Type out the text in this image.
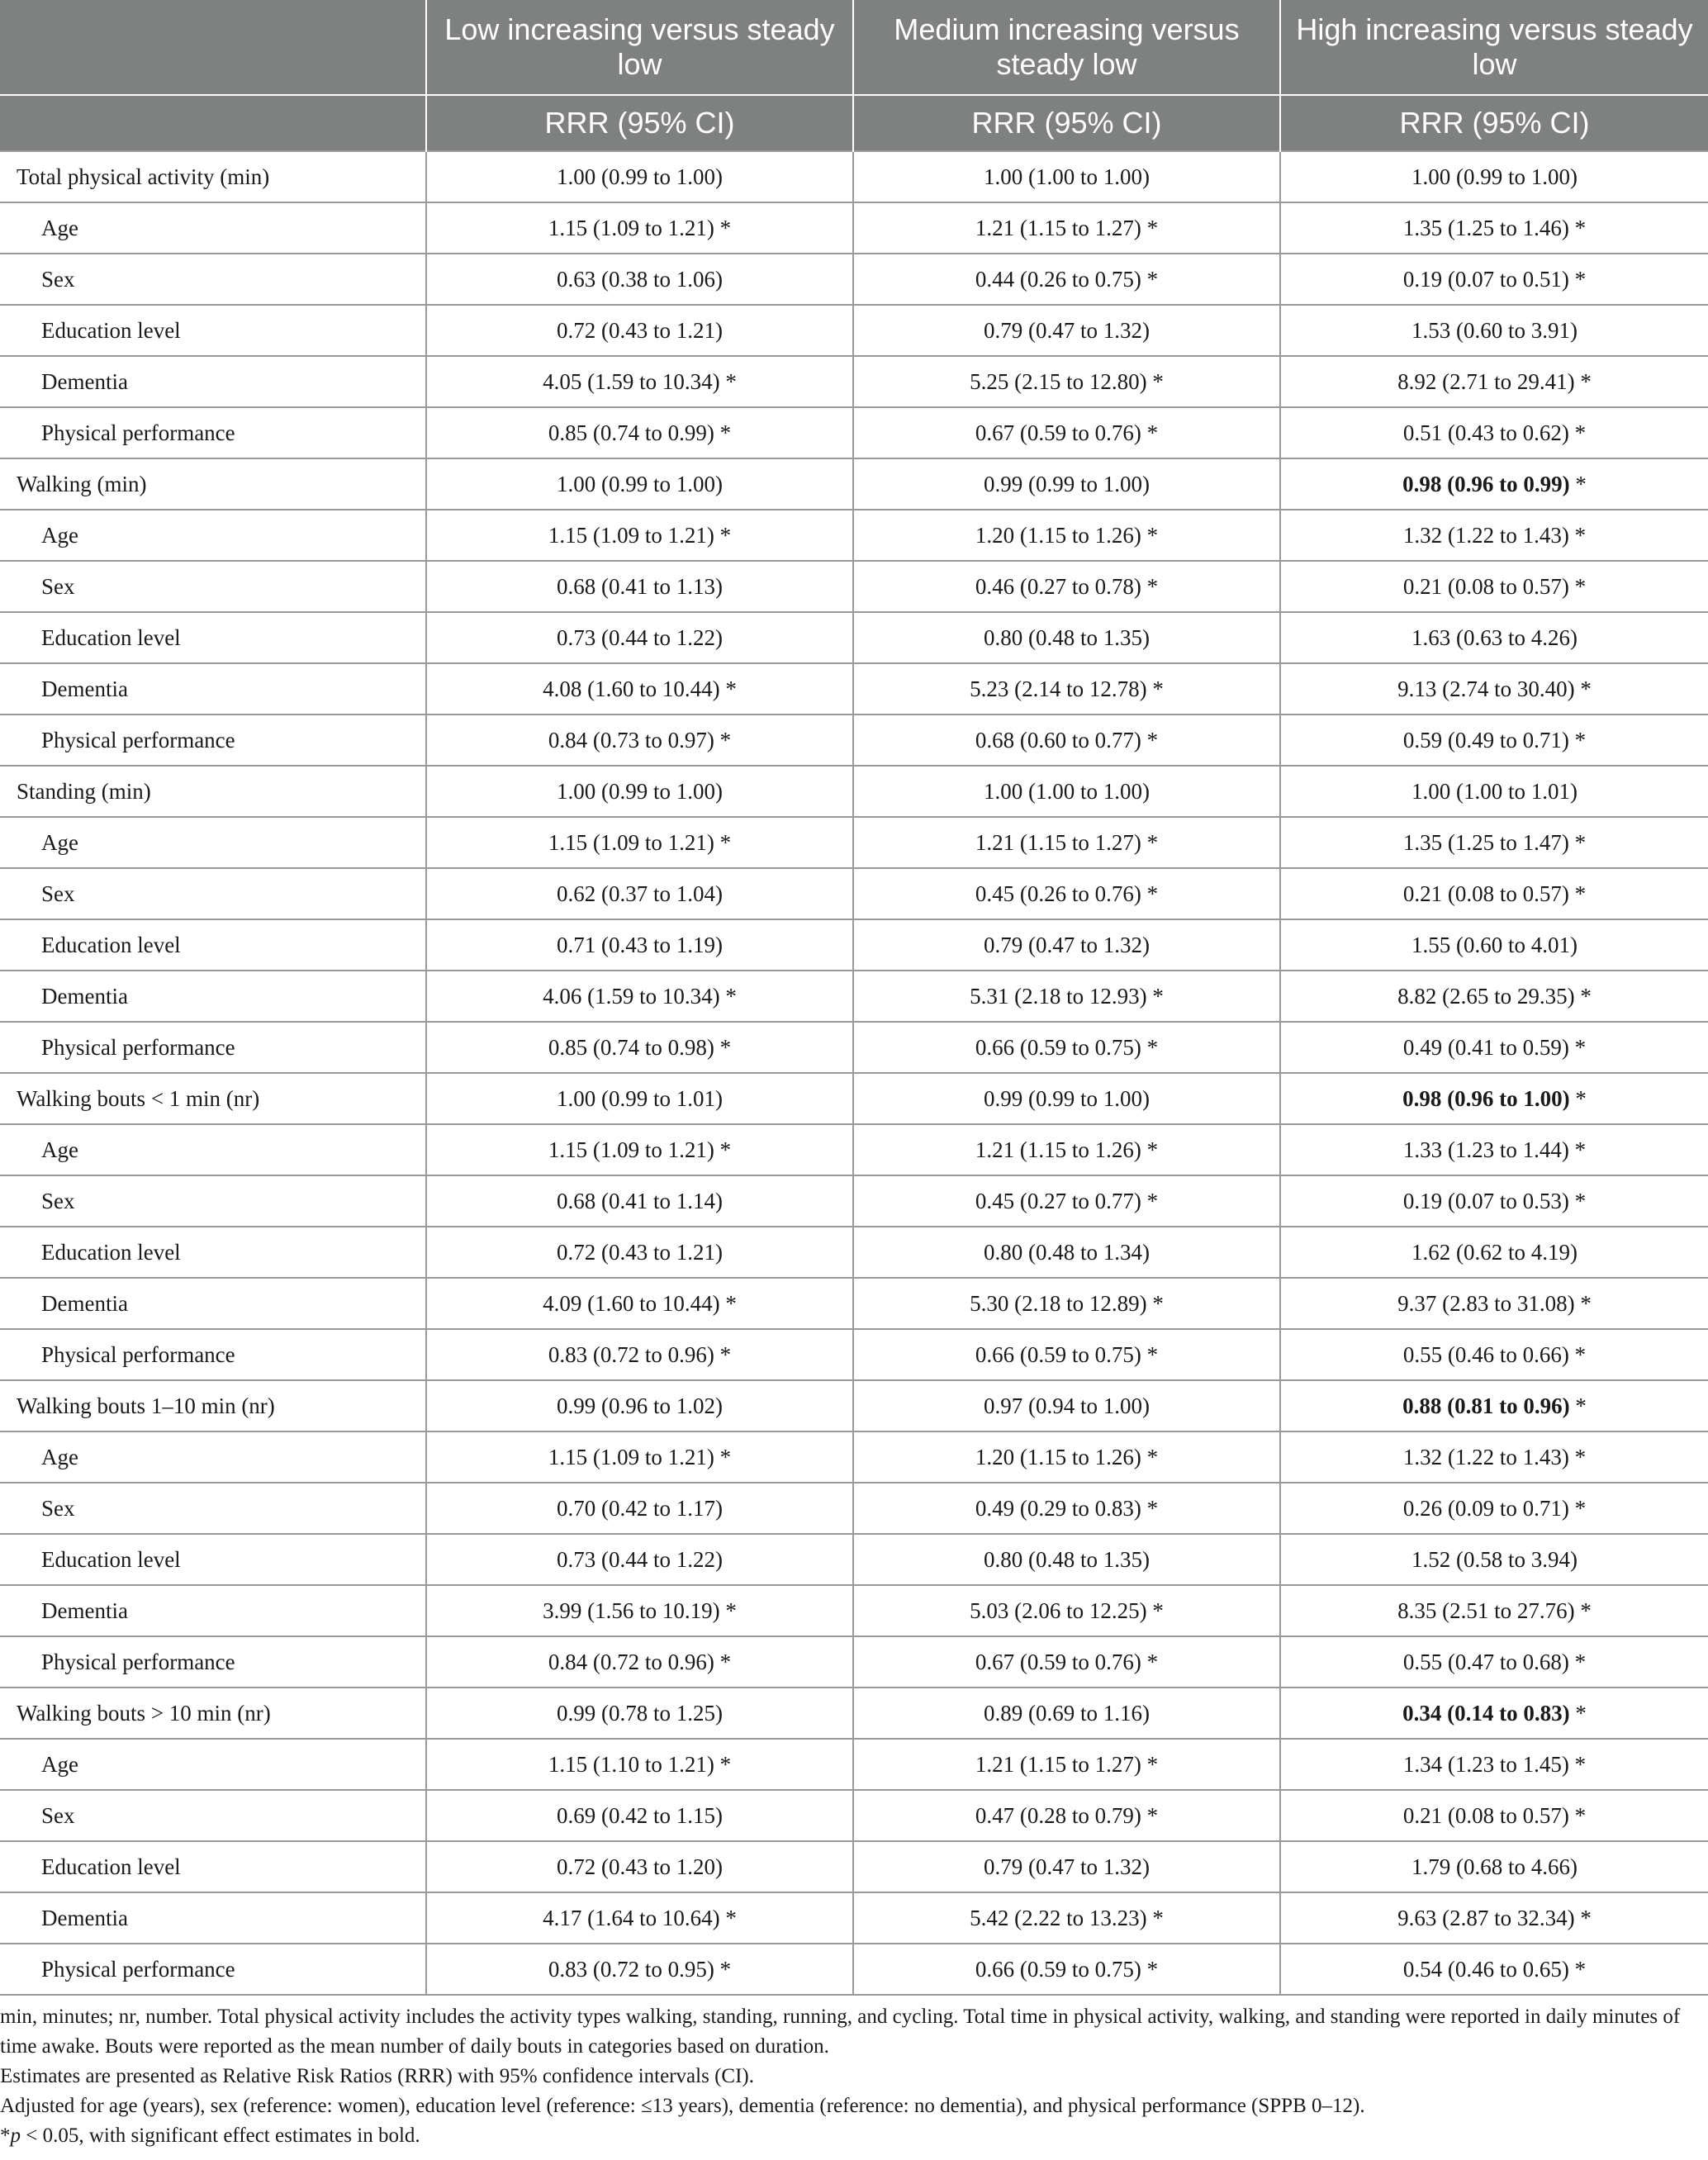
	Low increasing versus steady low	Medium increasing versus steady low	High increasing versus steady low
	RRR (95% CI)	RRR (95% CI)	RRR (95% CI)
Total physical activity (min)	1.00 (0.99 to 1.00)	1.00 (1.00 to 1.00)	1.00 (0.99 to 1.00)
Age	1.15 (1.09 to 1.21) *	1.21 (1.15 to 1.27) *	1.35 (1.25 to 1.46) *
Sex	0.63 (0.38 to 1.06)	0.44 (0.26 to 0.75) *	0.19 (0.07 to 0.51) *
Education level	0.72 (0.43 to 1.21)	0.79 (0.47 to 1.32)	1.53 (0.60 to 3.91)
Dementia	4.05 (1.59 to 10.34) *	5.25 (2.15 to 12.80) *	8.92 (2.71 to 29.41) *
Physical performance	0.85 (0.74 to 0.99) *	0.67 (0.59 to 0.76) *	0.51 (0.43 to 0.62) *
Walking (min)	1.00 (0.99 to 1.00)	0.99 (0.99 to 1.00)	0.98 (0.96 to 0.99) *
Age	1.15 (1.09 to 1.21) *	1.20 (1.15 to 1.26) *	1.32 (1.22 to 1.43) *
Sex	0.68 (0.41 to 1.13)	0.46 (0.27 to 0.78) *	0.21 (0.08 to 0.57) *
Education level	0.73 (0.44 to 1.22)	0.80 (0.48 to 1.35)	1.63 (0.63 to 4.26)
Dementia	4.08 (1.60 to 10.44) *	5.23 (2.14 to 12.78) *	9.13 (2.74 to 30.40) *
Physical performance	0.84 (0.73 to 0.97) *	0.68 (0.60 to 0.77) *	0.59 (0.49 to 0.71) *
Standing (min)	1.00 (0.99 to 1.00)	1.00 (1.00 to 1.00)	1.00 (1.00 to 1.01)
Age	1.15 (1.09 to 1.21) *	1.21 (1.15 to 1.27) *	1.35 (1.25 to 1.47) *
Sex	0.62 (0.37 to 1.04)	0.45 (0.26 to 0.76) *	0.21 (0.08 to 0.57) *
Education level	0.71 (0.43 to 1.19)	0.79 (0.47 to 1.32)	1.55 (0.60 to 4.01)
Dementia	4.06 (1.59 to 10.34) *	5.31 (2.18 to 12.93) *	8.82 (2.65 to 29.35) *
Physical performance	0.85 (0.74 to 0.98) *	0.66 (0.59 to 0.75) *	0.49 (0.41 to 0.59) *
Walking bouts < 1 min (nr)	1.00 (0.99 to 1.01)	0.99 (0.99 to 1.00)	0.98 (0.96 to 1.00) *
Age	1.15 (1.09 to 1.21) *	1.21 (1.15 to 1.26) *	1.33 (1.23 to 1.44) *
Sex	0.68 (0.41 to 1.14)	0.45 (0.27 to 0.77) *	0.19 (0.07 to 0.53) *
Education level	0.72 (0.43 to 1.21)	0.80 (0.48 to 1.34)	1.62 (0.62 to 4.19)
Dementia	4.09 (1.60 to 10.44) *	5.30 (2.18 to 12.89) *	9.37 (2.83 to 31.08) *
Physical performance	0.83 (0.72 to 0.96) *	0.66 (0.59 to 0.75) *	0.55 (0.46 to 0.66) *
Walking bouts 1–10 min (nr)	0.99 (0.96 to 1.02)	0.97 (0.94 to 1.00)	0.88 (0.81 to 0.96) *
Age	1.15 (1.09 to 1.21) *	1.20 (1.15 to 1.26) *	1.32 (1.22 to 1.43) *
Sex	0.70 (0.42 to 1.17)	0.49 (0.29 to 0.83) *	0.26 (0.09 to 0.71) *
Education level	0.73 (0.44 to 1.22)	0.80 (0.48 to 1.35)	1.52 (0.58 to 3.94)
Dementia	3.99 (1.56 to 10.19) *	5.03 (2.06 to 12.25) *	8.35 (2.51 to 27.76) *
Physical performance	0.84 (0.72 to 0.96) *	0.67 (0.59 to 0.76) *	0.55 (0.47 to 0.68) *
Walking bouts > 10 min (nr)	0.99 (0.78 to 1.25)	0.89 (0.69 to 1.16)	0.34 (0.14 to 0.83) *
Age	1.15 (1.10 to 1.21) *	1.21 (1.15 to 1.27) *	1.34 (1.23 to 1.45) *
Sex	0.69 (0.42 to 1.15)	0.47 (0.28 to 0.79) *	0.21 (0.08 to 0.57) *
Education level	0.72 (0.43 to 1.20)	0.79 (0.47 to 1.32)	1.79 (0.68 to 4.66)
Dementia	4.17 (1.64 to 10.64) *	5.42 (2.22 to 13.23) *	9.63 (2.87 to 32.34) *
Physical performance	0.83 (0.72 to 0.95) *	0.66 (0.59 to 0.75) *	0.54 (0.46 to 0.65) *

min, minutes; nr, number. Total physical activity includes the activity types walking, standing, running, and cycling. Total time in physical activity, walking, and standing were reported in daily minutes of time awake. Bouts were reported as the mean number of daily bouts in categories based on duration.

Estimates are presented as Relative Risk Ratios (RRR) with 95% confidence intervals (CI).

Adjusted for age (years), sex (reference: women), education level (reference: ≤13 years), dementia (reference: no dementia), and physical performance (SPPB 0–12).

*p < 0.05, with significant effect estimates in bold.
